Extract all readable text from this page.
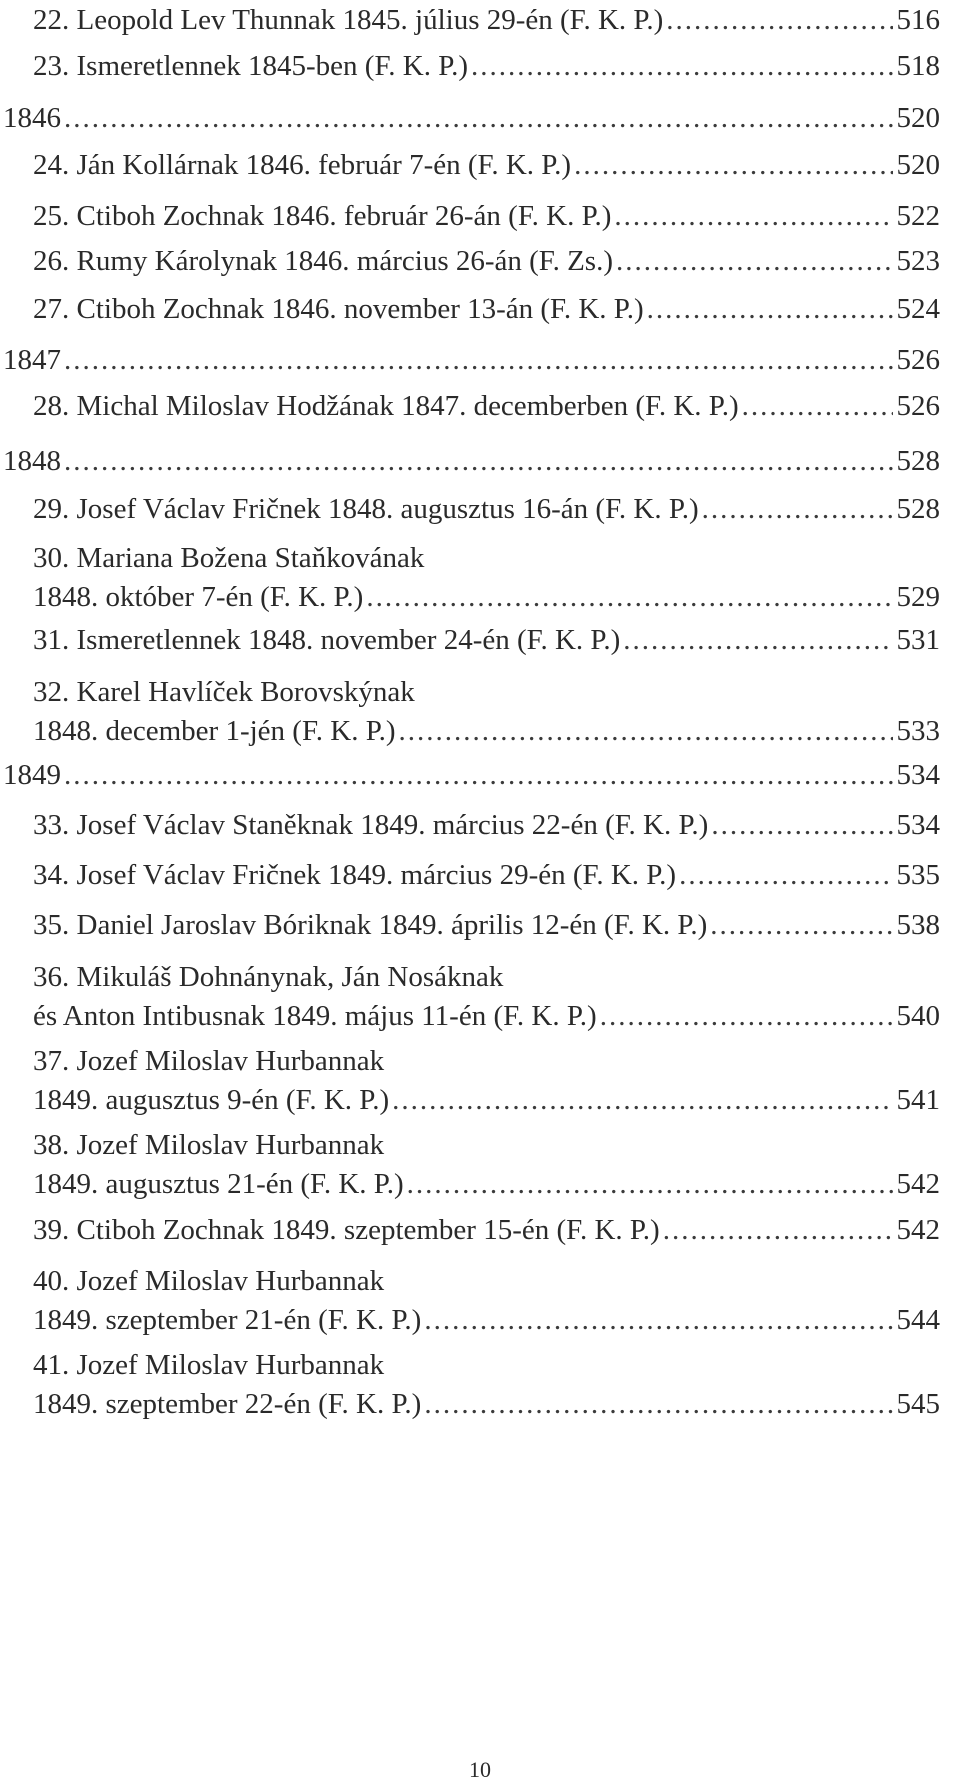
22. Leopold Lev Thunnak 1845. július 29-én (F. K. P.) .....	516
23. Ismeretlennek 1845-ben (F. K. P.) .....	518
1846 .....	520
24. Ján Kollárnak 1846. február 7-én (F. K. P.) .....	520
25. Ctiboh Zochnak 1846. február 26-án (F. K. P.) .....	522
26. Rumy Károlynak 1846. március 26-án (F. Zs.) .....	523
27. Ctiboh Zochnak 1846. november 13-án (F. K. P.) .....	524
1847 .....	526
28. Michal Miloslav Hodžának 1847. decemberben (F. K. P.) .....	526
1848 .....	528
29. Josef Václav Fričnek 1848. augusztus 16-án (F. K. P.) .....	528
30. Mariana Božena Staňkovának
1848. október 7-én (F. K. P.) .....	529
31. Ismeretlennek 1848. november 24-én (F. K. P.) .....	531
32. Karel Havlíček Borovskýnak
1848. december 1-jén (F. K. P.) .....	533
1849 .....	534
33. Josef Václav Staněknak 1849. március 22-én (F. K. P.) .....	534
34. Josef Václav Fričnek 1849. március 29-én (F. K. P.) .....	535
35. Daniel Jaroslav Bóriknak 1849. április 12-én (F. K. P.) .....	538
36. Mikuláš Dohnánynak, Ján Nosáknak
és Anton Intibusnak 1849. május 11-én (F. K. P.) .....	540
37. Jozef Miloslav Hurbannak
1849. augusztus 9-én (F. K. P.) .....	541
38. Jozef Miloslav Hurbannak
1849. augusztus 21-én (F. K. P.) .....	542
39. Ctiboh Zochnak 1849. szeptember 15-én (F. K. P.) .....	542
40. Jozef Miloslav Hurbannak
1849. szeptember 21-én (F. K. P.) .....	544
41. Jozef Miloslav Hurbannak
1849. szeptember 22-én (F. K. P.) .....	545
10
